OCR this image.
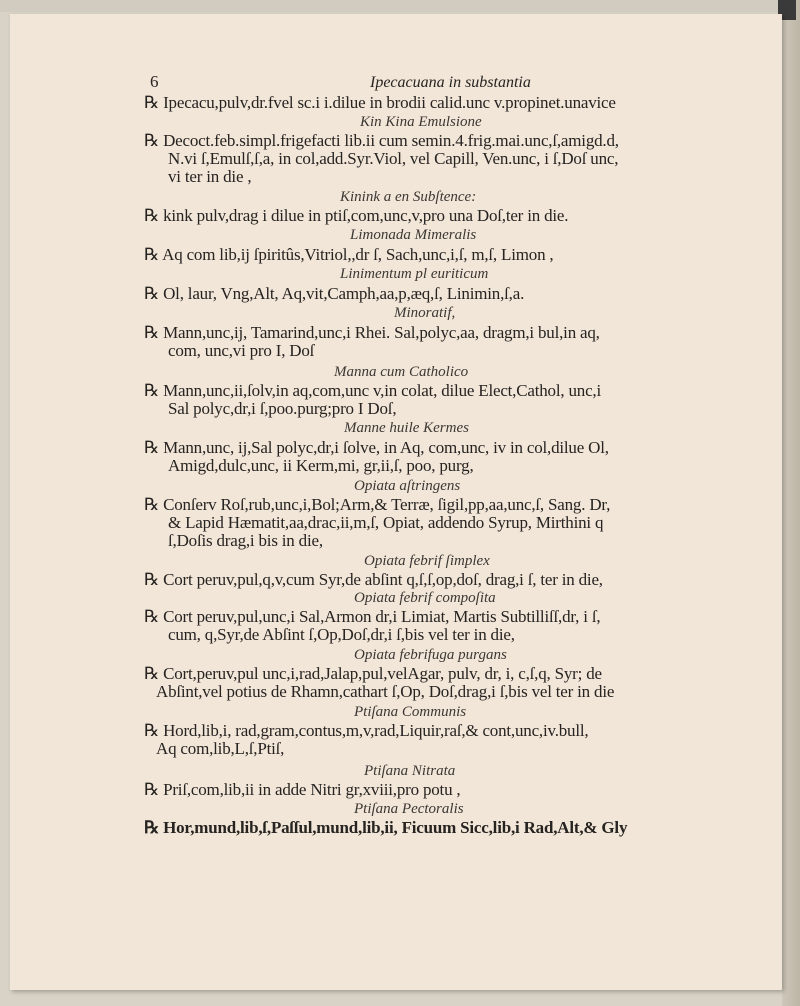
6	Ipecacuana in substantia
℞ Ipecacu,pulv,dr.fvel sc.i i.dilue in brodii calid.unc v.propinet.unavice
Kin Kina Emulsione
℞ Decoct.feb.simpl.frigefacti lib.ii cum semin.4.frig.mai.unc,ſ,amigd.d,
N.vi ſ,Emulſ,ſ,a, in col,add.Syr.Viol, vel Capill, Ven.unc, i ſ,Doſ unc,
vi ter in die ,
Kinink a en Subſtence:
℞ kink pulv,drag i dilue in ptiſ,com,unc,v,pro una Doſ,ter in die.
Limonada Mimeralis
℞ Aq com lib,ij ſpiritûs,Vitriol,,dr ſ, Sach,unc,i,ſ, m,ſ, Limon ,
Linimentum pl euriticum
℞ Ol, laur, Vng,Alt, Aq,vit,Camph,aa,p,æq,ſ, Linimin,ſ,a.
Minoratif,
℞ Mann,unc,ij, Tamarind,unc,i Rhei. Sal,polyc,aa, dragm,i bul,in aq,
com, unc,vi pro I, Doſ
Manna cum Catholico
℞ Mann,unc,ii,ſolv,in aq,com,unc v,in colat, dilue Elect,Cathol, unc,i
Sal polyc,dr,i ſ,poo.purg;pro I Doſ,
Manne huile Kermes
℞ Mann,unc, ij,Sal polyc,dr,i ſolve, in Aq, com,unc, iv in col,dilue Ol,
Amigd,dulc,unc, ii Kerm,mi, gr,ii,ſ, poo, purg,
Opiata aſtringens
℞ Conſerv Roſ,rub,unc,i,Bol;Arm,& Terræ, ſigil,pp,aa,unc,ſ, Sang. Dr,
& Lapid Hæmatit,aa,drac,ii,m,ſ, Opiat, addendo Syrup, Mirthini q
ſ,Doſis drag,i bis in die,
Opiata febrif ſimplex
℞ Cort peruv,pul,q,v,cum Syr,de abſint q,ſ,ſ,op,doſ, drag,i ſ, ter in die,
Opiata febrif compoſita
℞ Cort peruv,pul,unc,i Sal,Armon dr,i Limiat, Martis Subtilliſſ,dr, i ſ,
cum, q,Syr,de Abſint ſ,Op,Doſ,dr,i ſ,bis vel ter in die,
Opiata febrifuga purgans
℞ Cort,peruv,pul unc,i,rad,Jalap,pul,velAgar, pulv, dr, i, c,ſ,q, Syr; de
Abſint,vel potius de Rhamn,cathart ſ,Op, Doſ,drag,i ſ,bis vel ter in die
Ptiſana Communis
℞ Hord,lib,i, rad,gram,contus,m,v,rad,Liquir,raſ,& cont,unc,iv.bull,
Aq com,lib,L,ſ,Ptiſ,
Ptiſana Nitrata
℞ Priſ,com,lib,ii in adde Nitri gr,xviii,pro potu ,
Ptiſana Pectoralis
℞ Hor,mund,lib,ſ,Paſſul,mund,lib,ii, Ficuum Sicc,lib,i Rad,Alt,& Gly
